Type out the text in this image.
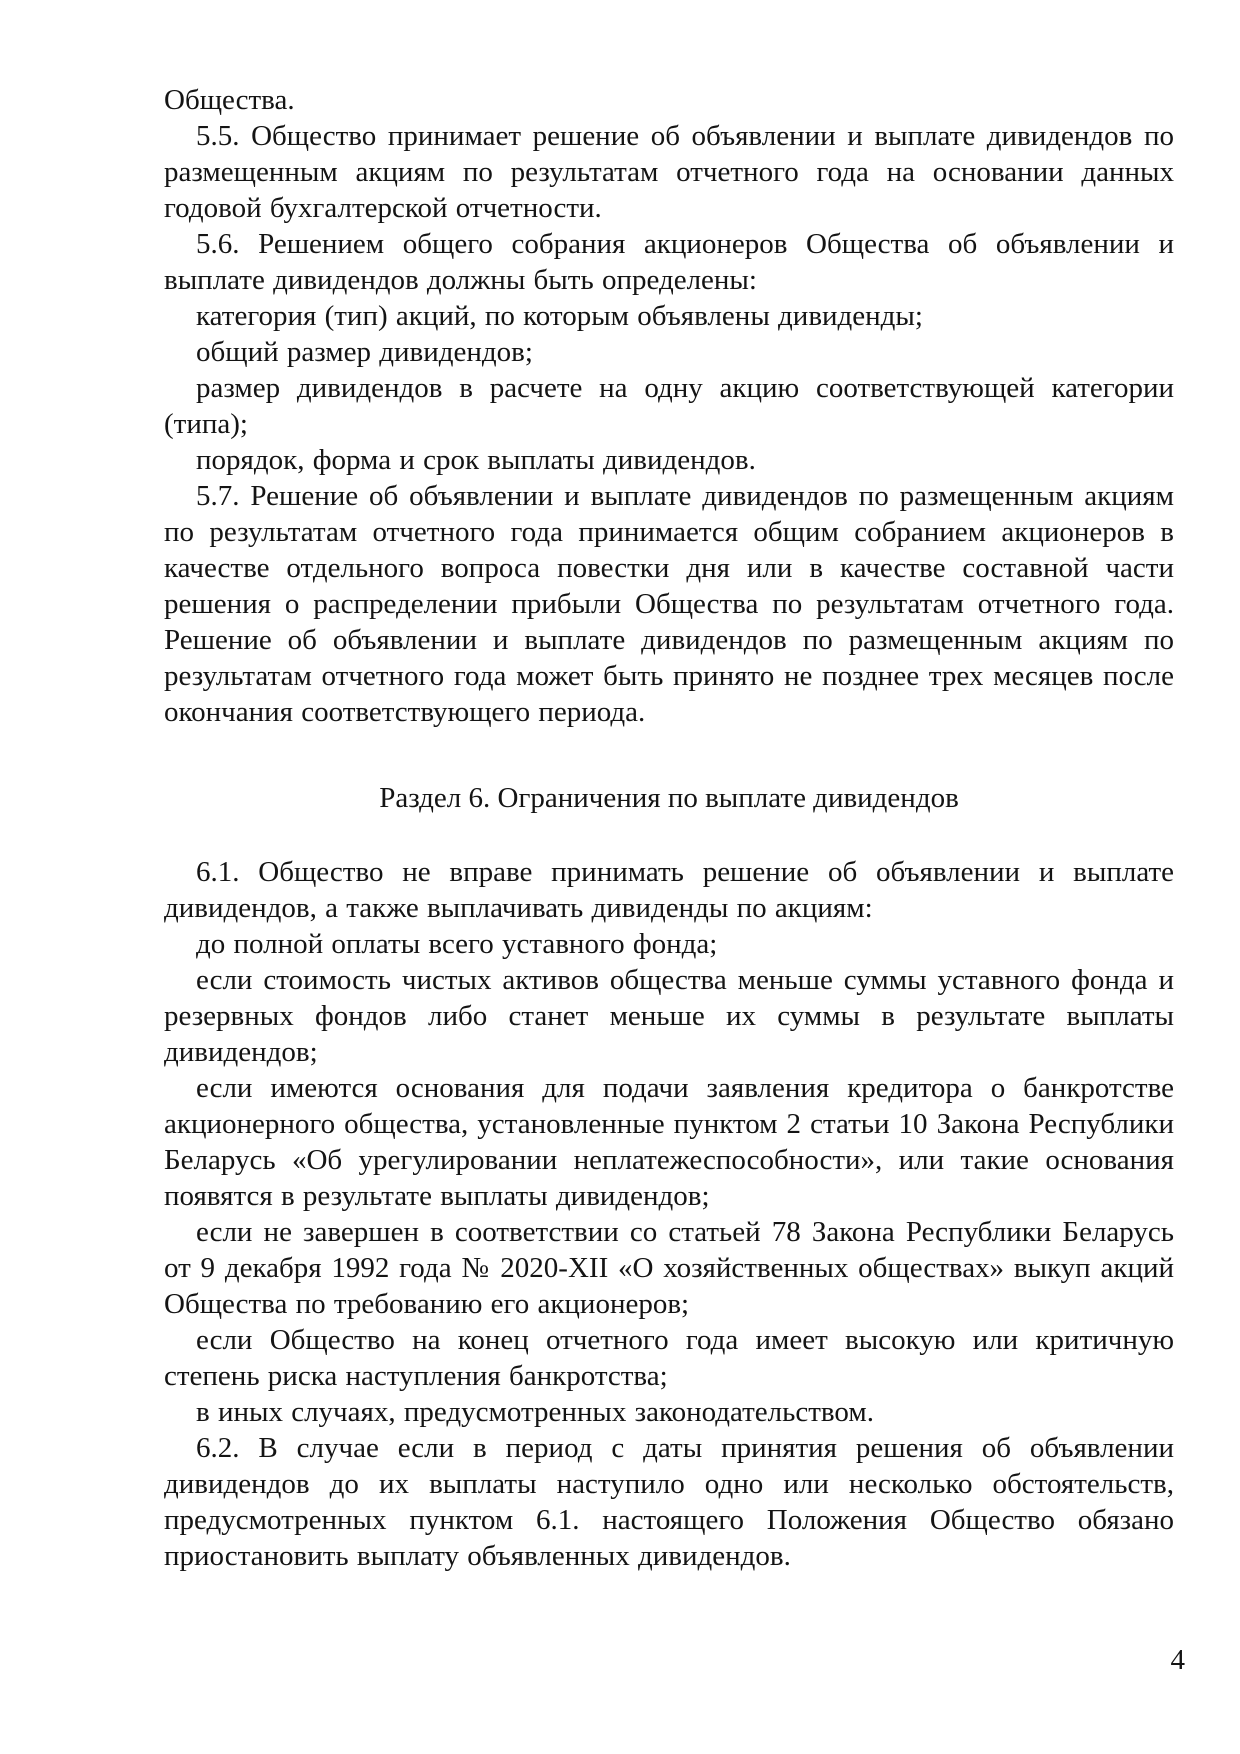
Общества.

5.5. Общество принимает решение об объявлении и выплате дивидендов по размещенным акциям по результатам отчетного года на основании данных годовой бухгалтерской отчетности.

5.6. Решением общего собрания акционеров Общества об объявлении и выплате дивидендов должны быть определены:

категория (тип) акций, по которым объявлены дивиденды;

общий размер дивидендов;

размер дивидендов в расчете на одну акцию соответствующей категории (типа);

порядок, форма и срок выплаты дивидендов.

5.7. Решение об объявлении и выплате дивидендов по размещенным акциям по результатам отчетного года принимается общим собранием акционеров в качестве отдельного вопроса повестки дня или в качестве составной части решения о распределении прибыли Общества по результатам отчетного года. Решение об объявлении и выплате дивидендов по размещенным акциям по результатам отчетного года может быть принято не позднее трех месяцев после окончания соответствующего периода.

Раздел 6. Ограничения по выплате дивидендов

6.1. Общество не вправе принимать решение об объявлении и выплате дивидендов, а также выплачивать дивиденды по акциям:

до полной оплаты всего уставного фонда;

если стоимость чистых активов общества меньше суммы уставного фонда и резервных фондов либо станет меньше их суммы в результате выплаты дивидендов;

если имеются основания для подачи заявления кредитора о банкротстве акционерного общества, установленные пунктом 2 статьи 10 Закона Республики Беларусь «Об урегулировании неплатежеспособности», или такие основания появятся в результате выплаты дивидендов;

если не завершен в соответствии со статьей 78 Закона Республики Беларусь от 9 декабря 1992 года № 2020-XII «О хозяйственных обществах» выкуп акций Общества по требованию его акционеров;

если Общество на конец отчетного года имеет высокую или критичную степень риска наступления банкротства;

в иных случаях, предусмотренных законодательством.

6.2. В случае если в период с даты принятия решения об объявлении дивидендов до их выплаты наступило одно или несколько обстоятельств, предусмотренных пунктом 6.1. настоящего Положения Общество обязано приостановить выплату объявленных дивидендов.

4
